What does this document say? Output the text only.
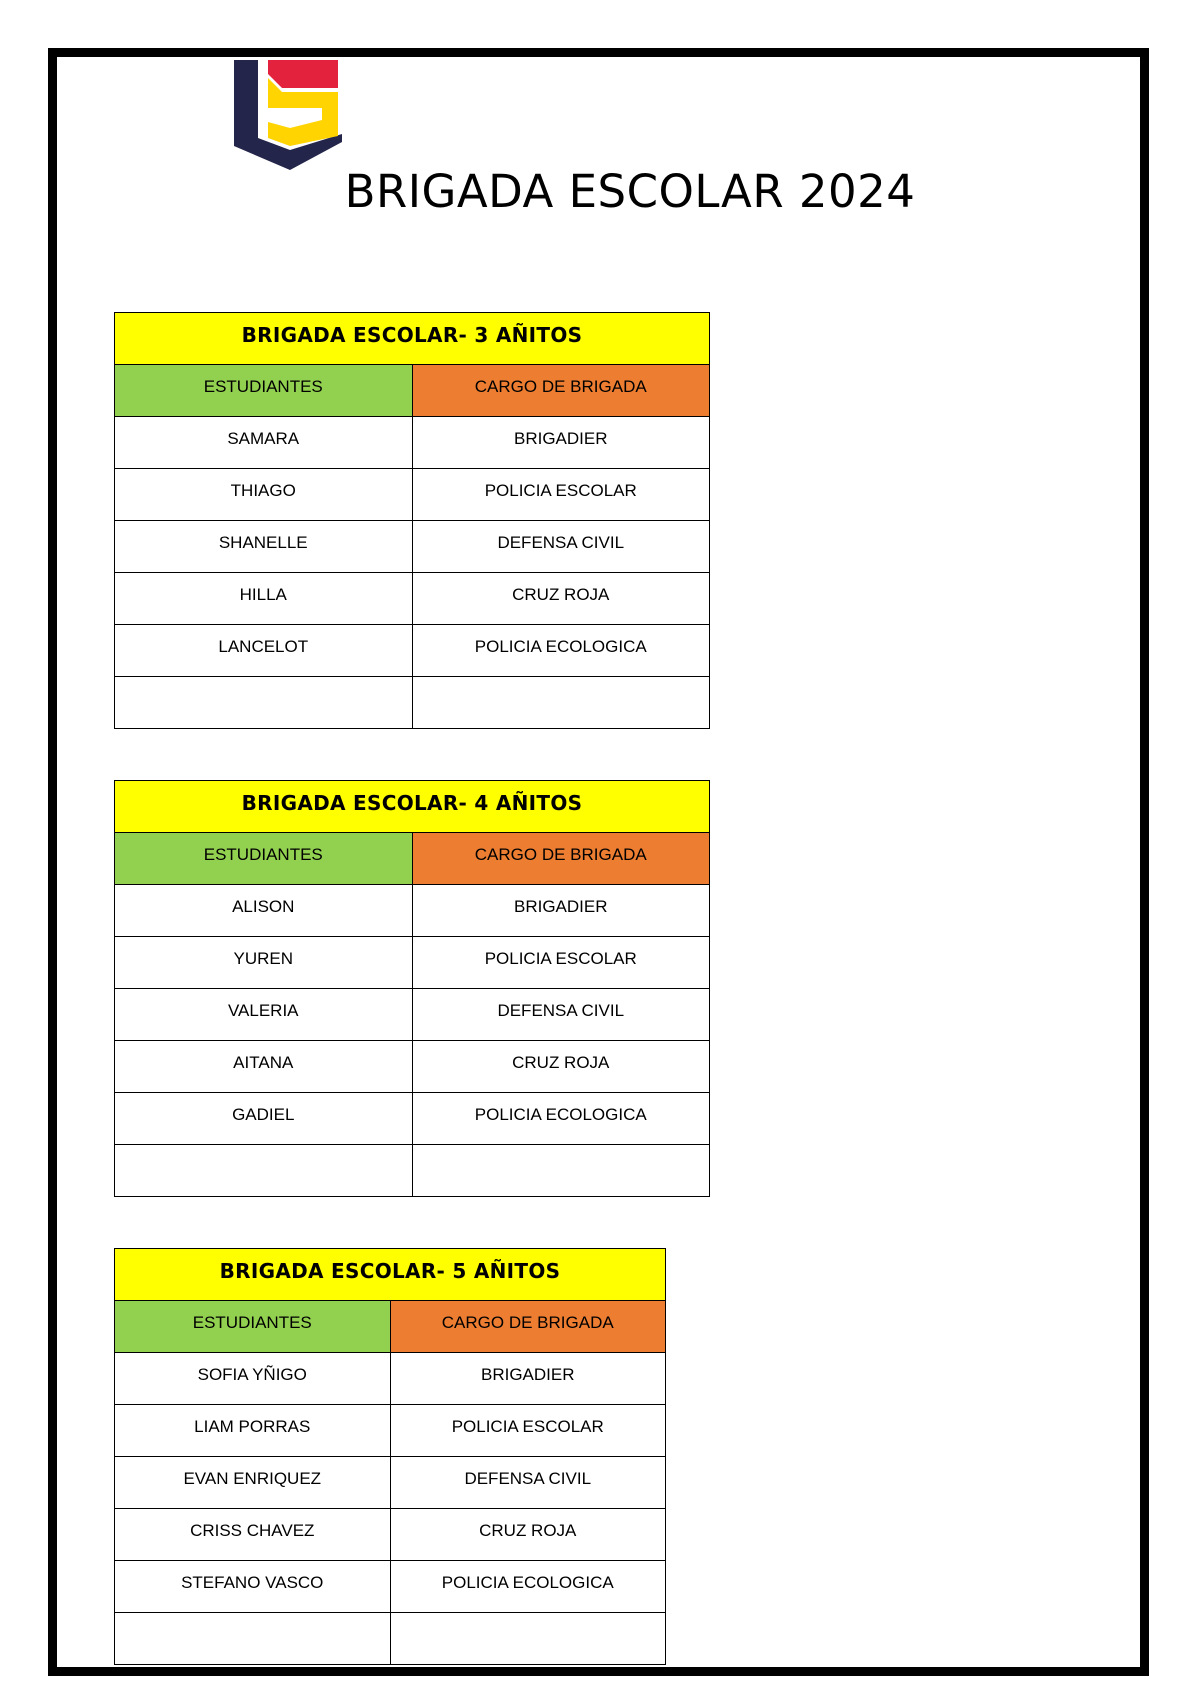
BRIGADA ESCOLAR 2024
BRIGADA ESCOLAR- 3 AÑITOS	
ESTUDIANTES	CARGO DE BRIGADA
SAMARA	BRIGADIER
THIAGO	POLICIA ESCOLAR
SHANELLE	DEFENSA CIVIL
HILLA	CRUZ ROJA
LANCELOT	POLICIA ECOLOGICA

BRIGADA ESCOLAR- 4 AÑITOS	
ESTUDIANTES	CARGO DE BRIGADA
ALISON	BRIGADIER
YUREN	POLICIA ESCOLAR
VALERIA	DEFENSA CIVIL
AITANA	CRUZ ROJA
GADIEL	POLICIA ECOLOGICA

BRIGADA ESCOLAR- 5 AÑITOS	
ESTUDIANTES	CARGO DE BRIGADA
SOFIA YÑIGO	BRIGADIER
LIAM PORRAS	POLICIA ESCOLAR
EVAN ENRIQUEZ	DEFENSA CIVIL
CRISS CHAVEZ	CRUZ ROJA
STEFANO VASCO	POLICIA ECOLOGICA
